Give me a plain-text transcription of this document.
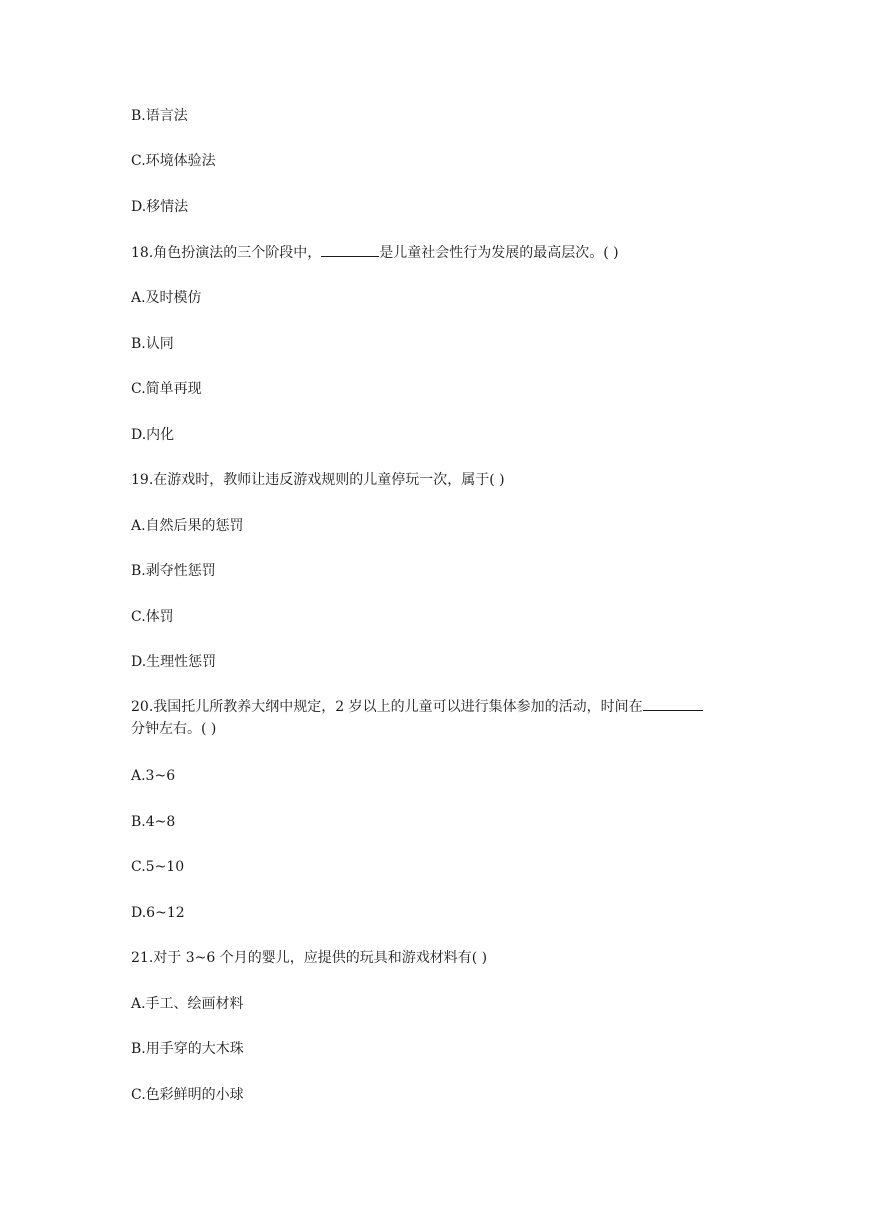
B.语言法
C.环境体验法
D.移情法
18.角色扮演法的三个阶段中，	是儿童社会性行为发展的最高层次。( )
A.及时模仿
B.认同
C.简单再现
D.内化
19.在游戏时，教师让违反游戏规则的儿童停玩一次，属于( )
A.自然后果的惩罚
B.剥夺性惩罚
C.体罚
D.生理性惩罚
20.我国托儿所教养大纲中规定，2 岁以上的儿童可以进行集体参加的活动，时间在
分钟左右。( )
A.3~6
B.4~8
C.5~10
D.6~12
21.对于 3~6 个月的婴儿，应提供的玩具和游戏材料有( )
A.手工、绘画材料
B.用手穿的大木珠
C.色彩鲜明的小球
